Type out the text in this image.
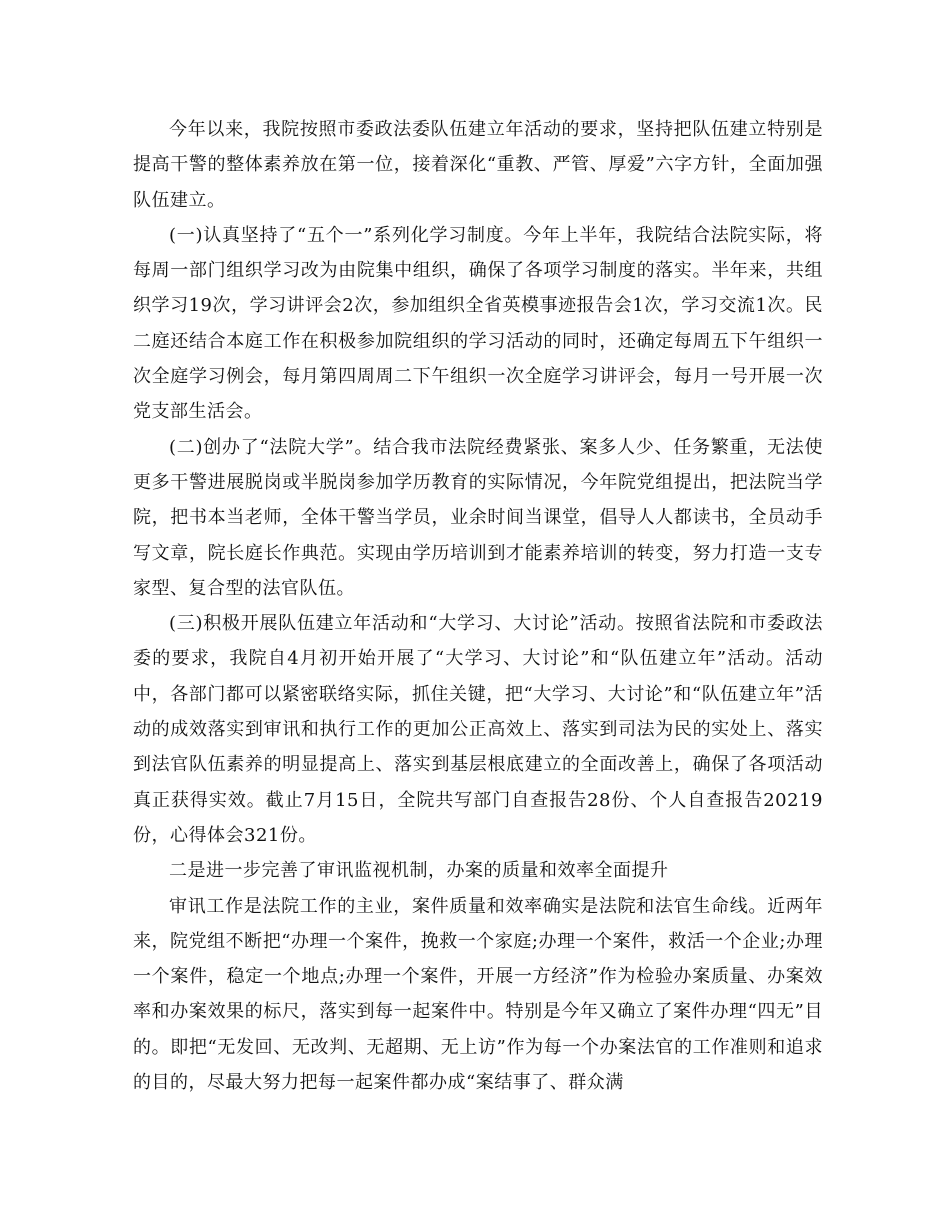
今年以来，我院按照市委政法委队伍建立年活动的要求，坚持把队伍建立特别是提高干警的整体素养放在第一位，接着深化“重教、严管、厚爱”六字方针，全面加强队伍建立。

(一)认真坚持了“五个一”系列化学习制度。今年上半年，我院结合法院实际，将每周一部门组织学习改为由院集中组织，确保了各项学习制度的落实。半年来，共组织学习19次，学习讲评会2次，参加组织全省英模事迹报告会1次，学习交流1次。民二庭还结合本庭工作在积极参加院组织的学习活动的同时，还确定每周五下午组织一次全庭学习例会，每月第四周周二下午组织一次全庭学习讲评会，每月一号开展一次党支部生活会。

(二)创办了“法院大学”。结合我市法院经费紧张、案多人少、任务繁重，无法使更多干警进展脱岗或半脱岗参加学历教育的实际情况，今年院党组提出，把法院当学院，把书本当老师，全体干警当学员，业余时间当课堂，倡导人人都读书，全员动手写文章，院长庭长作典范。实现由学历培训到才能素养培训的转变，努力打造一支专家型、复合型的法官队伍。

(三)积极开展队伍建立年活动和“大学习、大讨论”活动。按照省法院和市委政法委的要求，我院自4月初开始开展了“大学习、大讨论”和“队伍建立年”活动。活动中，各部门都可以紧密联络实际，抓住关键，把“大学习、大讨论”和“队伍建立年”活动的成效落实到审讯和执行工作的更加公正高效上、落实到司法为民的实处上、落实到法官队伍素养的明显提高上、落实到基层根底建立的全面改善上，确保了各项活动真正获得实效。截止7月15日，全院共写部门自查报告28份、个人自查报告20219份，心得体会321份。

二是进一步完善了审讯监视机制，办案的质量和效率全面提升

审讯工作是法院工作的主业，案件质量和效率确实是法院和法官生命线。近两年来，院党组不断把“办理一个案件，挽救一个家庭;办理一个案件，救活一个企业;办理一个案件，稳定一个地点;办理一个案件，开展一方经济”作为检验办案质量、办案效率和办案效果的标尺，落实到每一起案件中。特别是今年又确立了案件办理“四无”目的。即把“无发回、无改判、无超期、无上访”作为每一个办案法官的工作准则和追求的目的，尽最大努力把每一起案件都办成“案结事了、群众满
